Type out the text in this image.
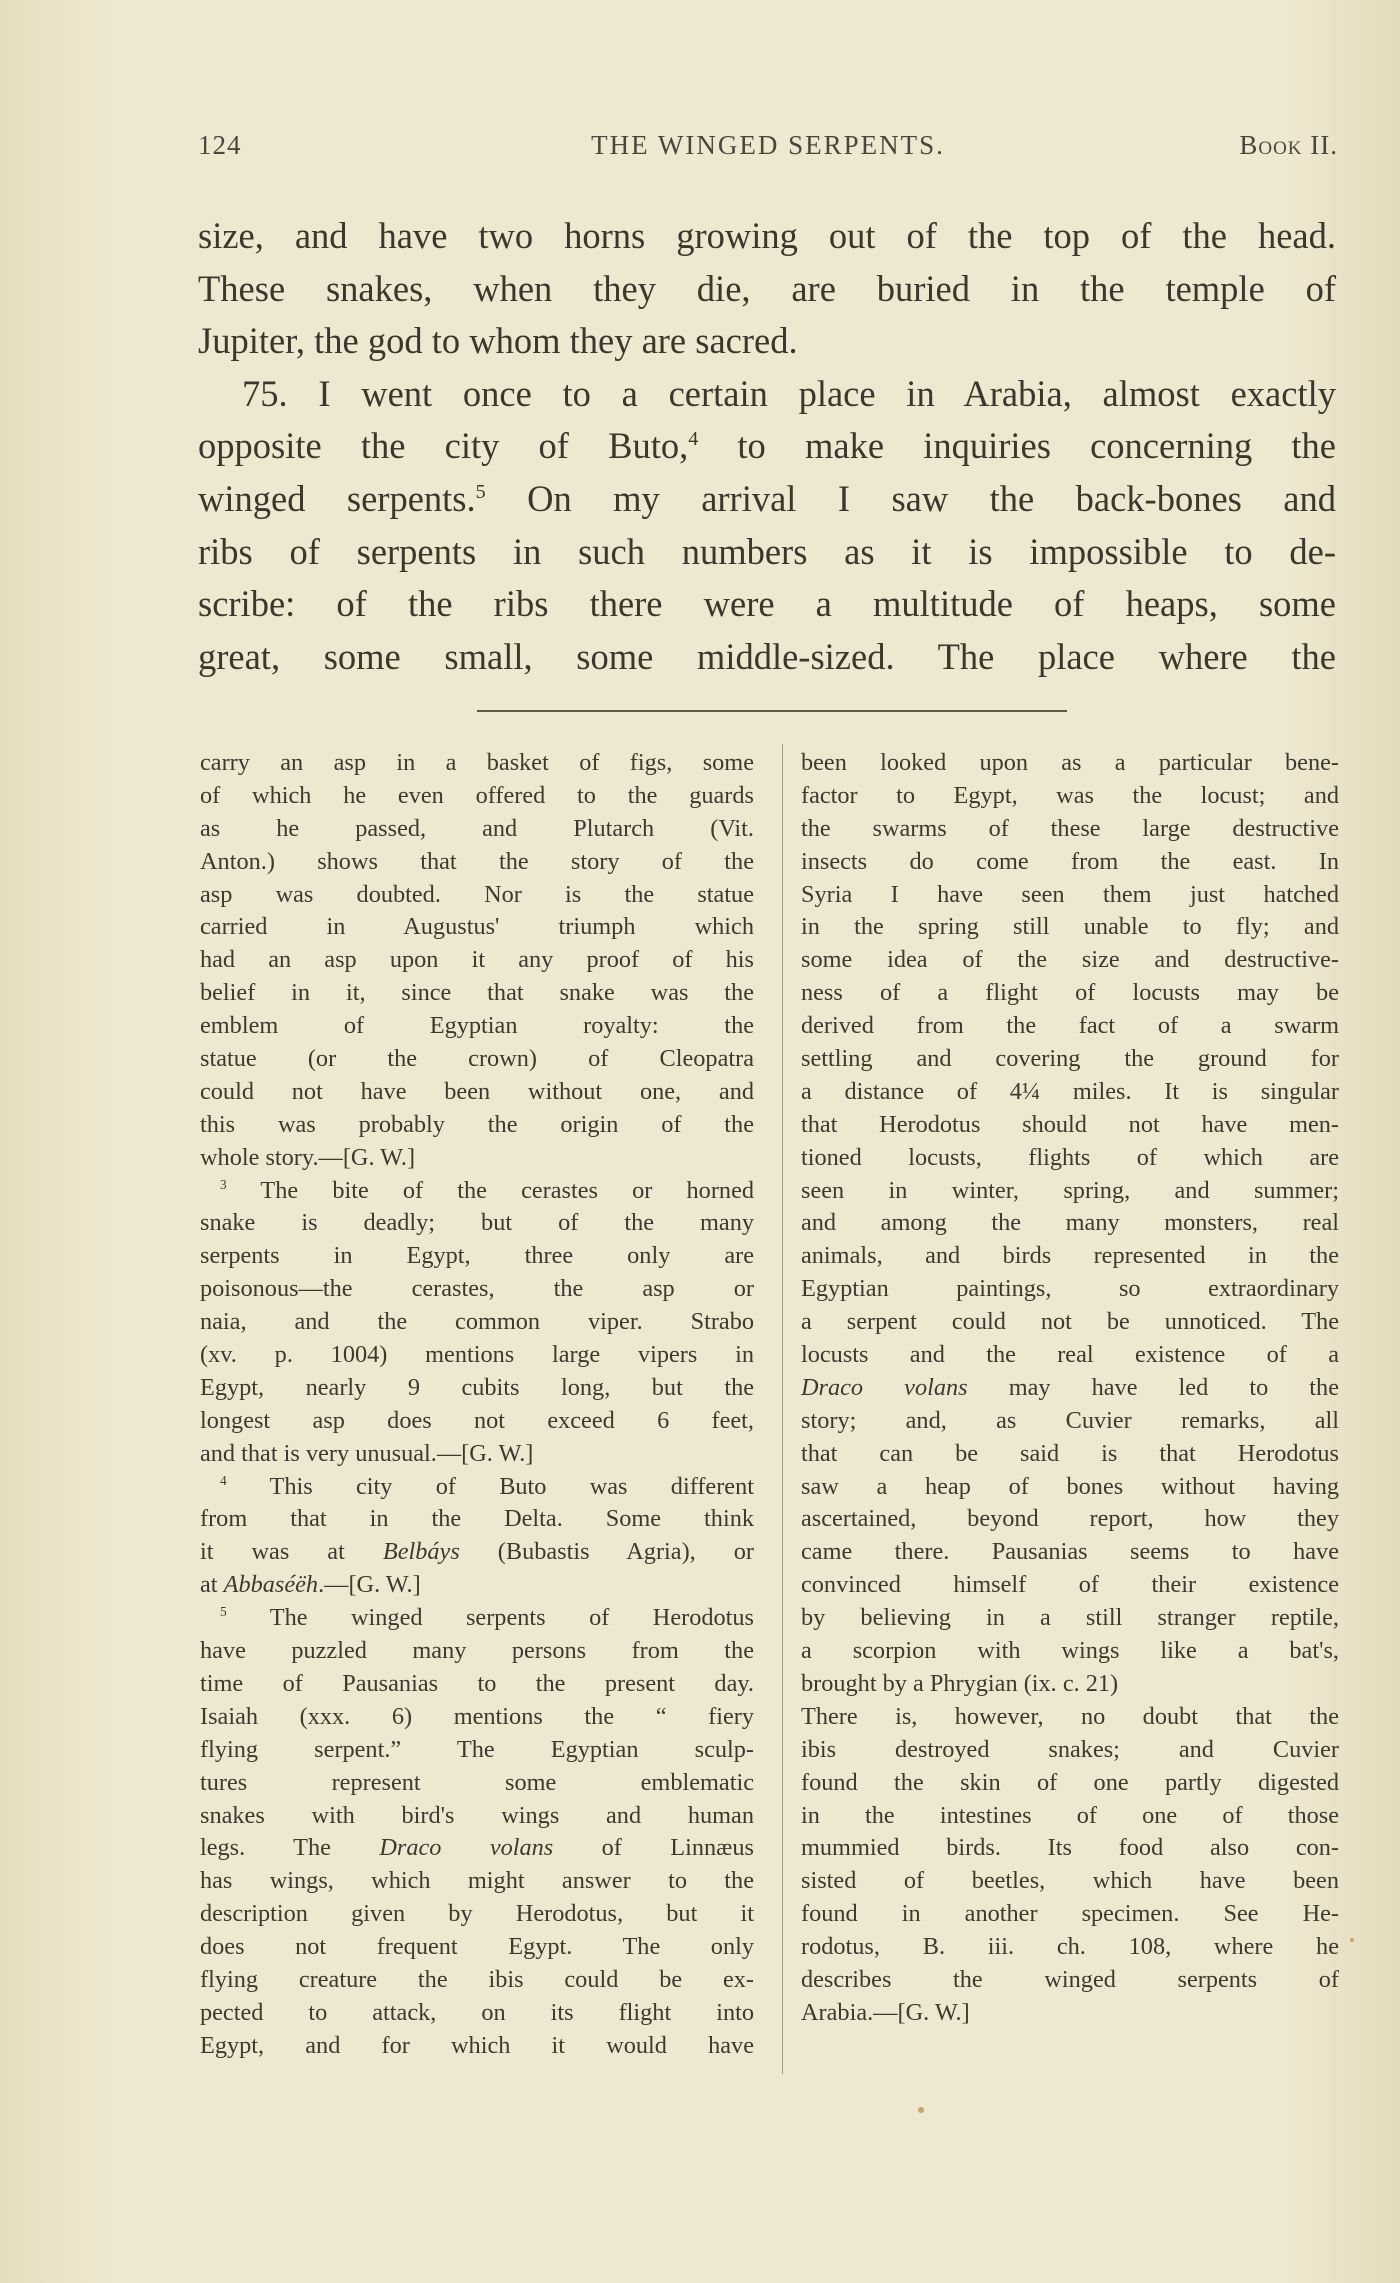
124	THE WINGED SERPENTS.	Book II.
size, and have two horns growing out of the top of the head.
These snakes, when they die, are buried in the temple of
Jupiter, the god to whom they are sacred.
75. I went once to a certain place in Arabia, almost exactly
opposite the city of Buto,$^4$ to make inquiries concerning the
winged serpents.$^5$ On my arrival I saw the back-bones and
ribs of serpents in such numbers as it is impossible to de-
scribe: of the ribs there were a multitude of heaps, some
great, some small, some middle-sized. The place where the
carry an asp in a basket of figs, some
of which he even offered to the guards
as he passed, and Plutarch (Vit.
Anton.) shows that the story of the
asp was doubted. Nor is the statue
carried in Augustus' triumph which
had an asp upon it any proof of his
belief in it, since that snake was the
emblem of Egyptian royalty: the
statue (or the crown) of Cleopatra
could not have been without one, and
this was probably the origin of the
whole story.—[G. W.]
$^3$ The bite of the cerastes or horned
snake is deadly; but of the many
serpents in Egypt, three only are
poisonous—the cerastes, the asp or
naia, and the common viper. Strabo
(xv. p. 1004) mentions large vipers in
Egypt, nearly 9 cubits long, but the
longest asp does not exceed 6 feet,
and that is very unusual.—[G. W.]
$^4$ This city of Buto was different
from that in the Delta. Some think
it was at Belbáys (Bubastis Agria), or
at Abbaséëh.—[G. W.]
$^5$ The winged serpents of Herodotus
have puzzled many persons from the
time of Pausanias to the present day.
Isaiah (xxx. 6) mentions the “ fiery
flying serpent.” The Egyptian sculp-
tures represent some emblematic
snakes with bird's wings and human
legs. The Draco volans of Linnæus
has wings, which might answer to the
description given by Herodotus, but it
does not frequent Egypt. The only
flying creature the ibis could be ex-
pected to attack, on its flight into
Egypt, and for which it would have
been looked upon as a particular bene-
factor to Egypt, was the locust; and
the swarms of these large destructive
insects do come from the east. In
Syria I have seen them just hatched
in the spring still unable to fly; and
some idea of the size and destructive-
ness of a flight of locusts may be
derived from the fact of a swarm
settling and covering the ground for
a distance of 4¼ miles. It is singular
that Herodotus should not have men-
tioned locusts, flights of which are
seen in winter, spring, and summer;
and among the many monsters, real
animals, and birds represented in the
Egyptian paintings, so extraordinary
a serpent could not be unnoticed. The
locusts and the real existence of a
Draco volans may have led to the
story; and, as Cuvier remarks, all
that can be said is that Herodotus
saw a heap of bones without having
ascertained, beyond report, how they
came there. Pausanias seems to have
convinced himself of their existence
by believing in a still stranger reptile,
a scorpion with wings like a bat's,
brought by a Phrygian (ix. c. 21)
There is, however, no doubt that the
ibis destroyed snakes; and Cuvier
found the skin of one partly digested
in the intestines of one of those
mummied birds. Its food also con-
sisted of beetles, which have been
found in another specimen. See He-
rodotus, B. iii. ch. 108, where he
describes the winged serpents of
Arabia.—[G. W.]
